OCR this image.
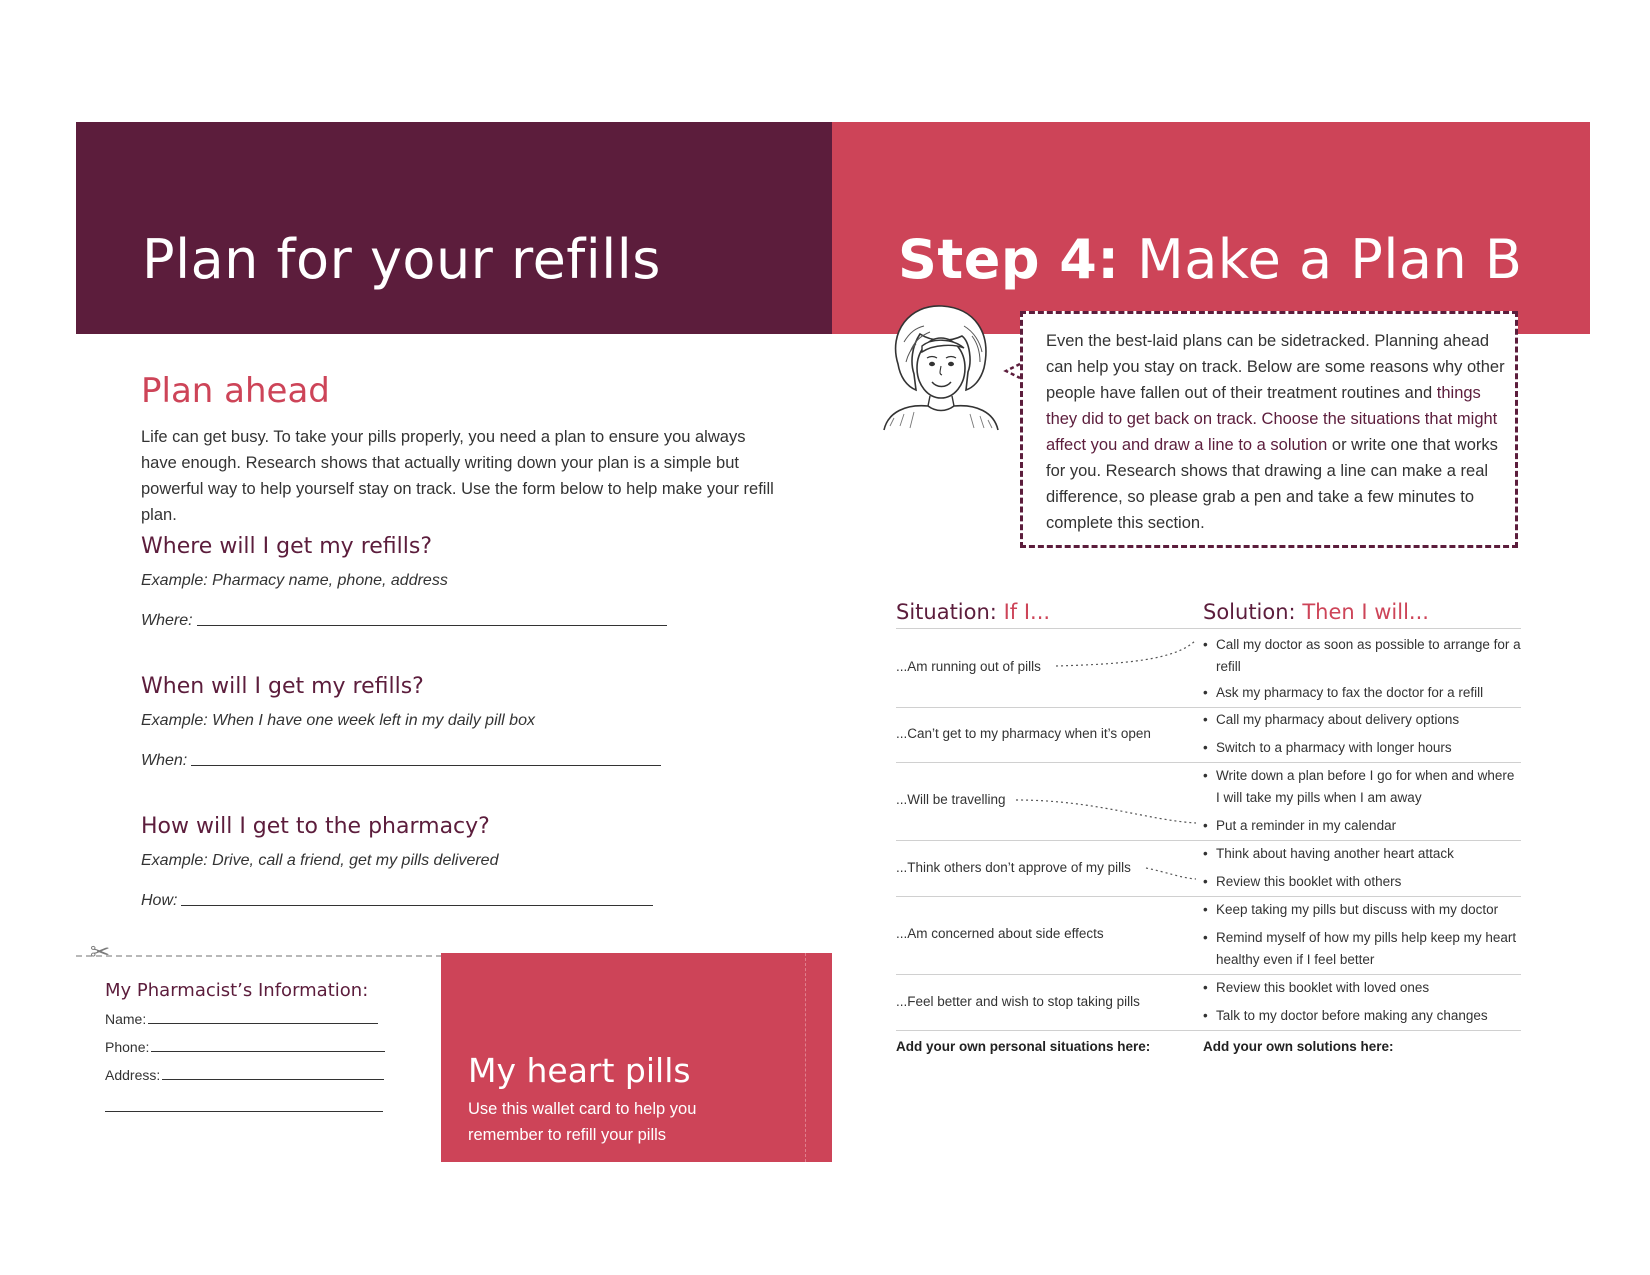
Plan for your refills	Step 4: Make a Plan B
Plan ahead
Life can get busy. To take your pills properly, you need a plan to ensure you always have enough. Research shows that actually writing down your plan is a simple but powerful way to help yourself stay on track. Use the form below to help make your refill plan.
Where will I get my refills?
Example: Pharmacy name, phone, address
Where:
When will I get my refills?
Example: When I have one week left in my daily pill box
When:
How will I get to the pharmacy?
Example: Drive, call a friend, get my pills delivered
How:
✂
My Pharmacist’s Information:
Name:
Phone:
Address:	My heart pills
Use this wallet card to help you remember to refill your pills
Even the best-laid plans can be sidetracked. Planning ahead can help you stay on track. Below are some reasons why other people have fallen out of their treatment routines and things they did to get back on track. Choose the situations that might affect you and draw a line to a solution or write one that works for you. Research shows that drawing a line can make a real difference, so please grab a pen and take a few minutes to complete this section.
Situation: If I...	Solution: Then I will...
...Am running out of pills
• Call my doctor as soon as possible to arrange for a refill
• Ask my pharmacy to fax the doctor for a refill
...Can’t get to my pharmacy when it’s open
• Call my pharmacy about delivery options
• Switch to a pharmacy with longer hours
...Will be travelling
• Write down a plan before I go for when and where I will take my pills when I am away
• Put a reminder in my calendar
...Think others don’t approve of my pills
• Think about having another heart attack
• Review this booklet with others
...Am concerned about side effects
• Keep taking my pills but discuss with my doctor
• Remind myself of how my pills help keep my heart healthy even if I feel better
...Feel better and wish to stop taking pills
• Review this booklet with loved ones
• Talk to my doctor before making any changes
Add your own personal situations here:	Add your own solutions here:
